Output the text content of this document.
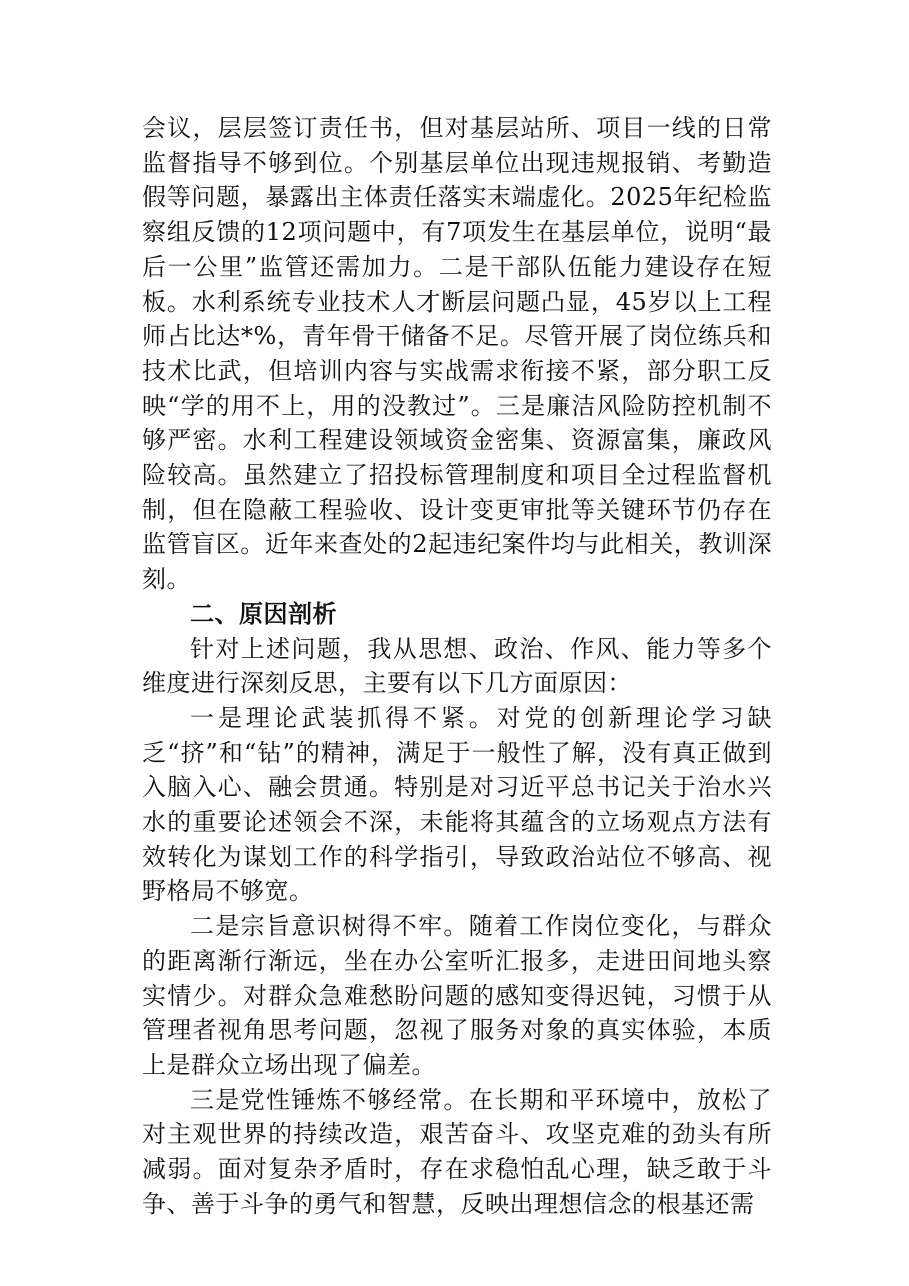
会议，层层签订责任书，但对基层站所、项目一线的日常监督指导不够到位。个别基层单位出现违规报销、考勤造假等问题，暴露出主体责任落实末端虚化。2025年纪检监察组反馈的12项问题中，有7项发生在基层单位，说明“最后一公里”监管还需加力。二是干部队伍能力建设存在短板。水利系统专业技术人才断层问题凸显，45岁以上工程师占比达*%，青年骨干储备不足。尽管开展了岗位练兵和技术比武，但培训内容与实战需求衔接不紧，部分职工反映“学的用不上，用的没教过”。三是廉洁风险防控机制不够严密。水利工程建设领域资金密集、资源富集，廉政风险较高。虽然建立了招投标管理制度和项目全过程监督机制，但在隐蔽工程验收、设计变更审批等关键环节仍存在监管盲区。近年来查处的2起违纪案件均与此相关，教训深刻。

二、原因剖析

针对上述问题，我从思想、政治、作风、能力等多个维度进行深刻反思，主要有以下几方面原因：

一是理论武装抓得不紧。对党的创新理论学习缺乏“挤”和“钻”的精神，满足于一般性了解，没有真正做到入脑入心、融会贯通。特别是对习近平总书记关于治水兴水的重要论述领会不深，未能将其蕴含的立场观点方法有效转化为谋划工作的科学指引，导致政治站位不够高、视野格局不够宽。

二是宗旨意识树得不牢。随着工作岗位变化，与群众的距离渐行渐远，坐在办公室听汇报多，走进田间地头察实情少。对群众急难愁盼问题的感知变得迟钝，习惯于从管理者视角思考问题，忽视了服务对象的真实体验，本质上是群众立场出现了偏差。

三是党性锤炼不够经常。在长期和平环境中，放松了对主观世界的持续改造，艰苦奋斗、攻坚克难的劲头有所减弱。面对复杂矛盾时，存在求稳怕乱心理，缺乏敢于斗争、善于斗争的勇气和智慧，反映出理想信念的根基还需
